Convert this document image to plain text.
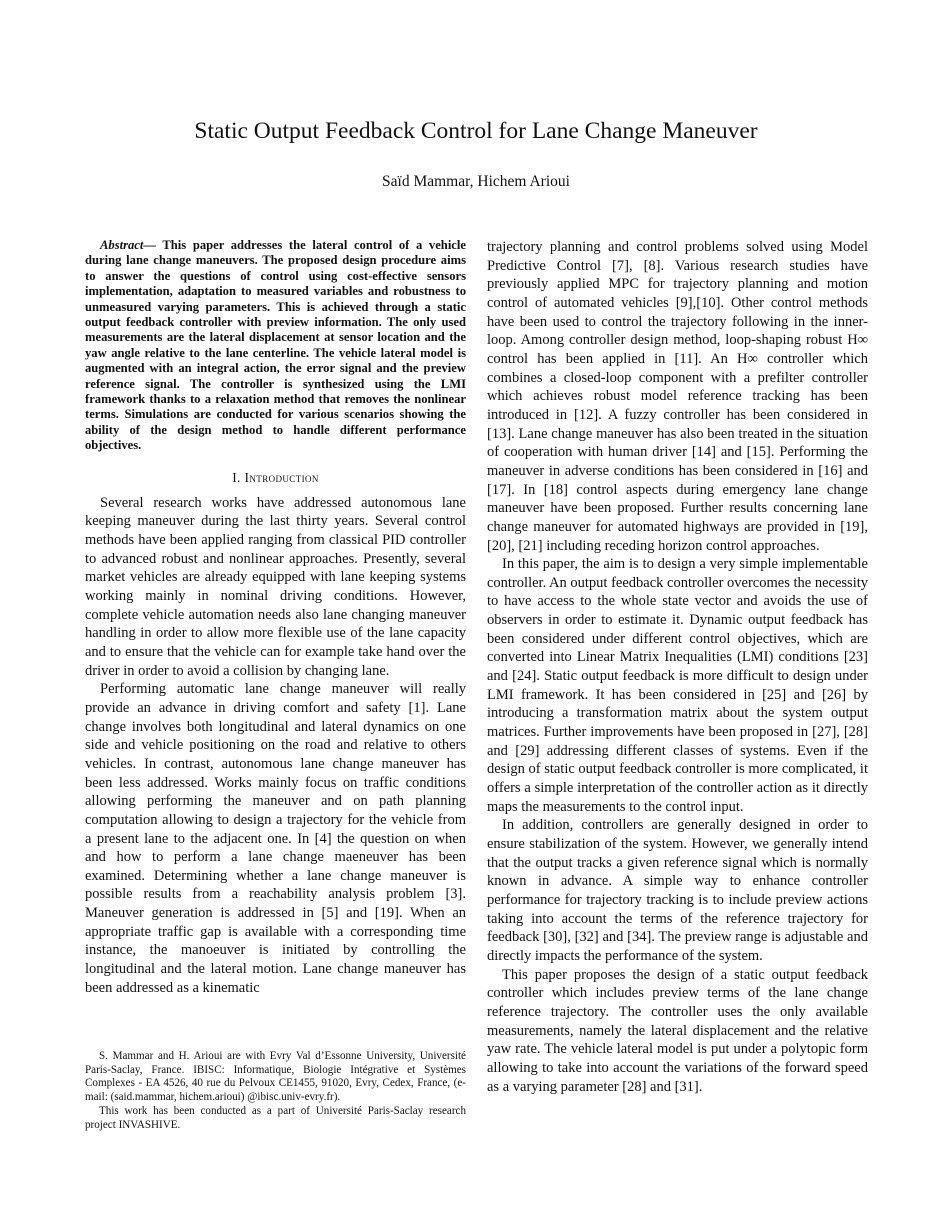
Static Output Feedback Control for Lane Change Maneuver
Saïd Mammar, Hichem Arioui

Abstract— This paper addresses the lateral control of a vehicle during lane change maneuvers. The proposed design procedure aims to answer the questions of control using cost-effective sensors implementation, adaptation to measured variables and robustness to unmeasured varying parameters. This is achieved through a static output feedback controller with preview information. The only used measurements are the lateral displacement at sensor location and the yaw angle relative to the lane centerline. The vehicle lateral model is augmented with an integral action, the error signal and the preview reference signal. The controller is synthesized using the LMI framework thanks to a relaxation method that removes the nonlinear terms. Simulations are conducted for various scenarios showing the ability of the design method to handle different performance objectives.

I. Introduction

Several research works have addressed autonomous lane keeping maneuver during the last thirty years. Several control methods have been applied ranging from classical PID controller to advanced robust and nonlinear approaches. Presently, several market vehicles are already equipped with lane keeping systems working mainly in nominal driving conditions. However, complete vehicle automation needs also lane changing maneuver handling in order to allow more flexible use of the lane capacity and to ensure that the vehicle can for example take hand over the driver in order to avoid a collision by changing lane.

Performing automatic lane change maneuver will really provide an advance in driving comfort and safety [1]. Lane change involves both longitudinal and lateral dynamics on one side and vehicle positioning on the road and relative to others vehicles. In contrast, autonomous lane change maneuver has been less addressed. Works mainly focus on traffic conditions allowing performing the maneuver and on path planning computation allowing to design a trajectory for the vehicle from a present lane to the adjacent one. In [4] the question on when and how to perform a lane change maeneuver has been examined. Determining whether a lane change maneuver is possible results from a reachability analysis problem [3]. Maneuver generation is addressed in [5] and [19]. When an appropriate traffic gap is available with a corresponding time instance, the manoeuver is initiated by controlling the longitudinal and the lateral motion. Lane change maneuver has been addressed as a kinematic

trajectory planning and control problems solved using Model Predictive Control [7], [8]. Various research studies have previously applied MPC for trajectory planning and motion control of automated vehicles [9],[10]. Other control methods have been used to control the trajectory following in the inner-loop. Among controller design method, loop-shaping robust H∞ control has been applied in [11]. An H∞ controller which combines a closed-loop component with a prefilter controller which achieves robust model reference tracking has been introduced in [12]. A fuzzy controller has been considered in [13]. Lane change maneuver has also been treated in the situation of cooperation with human driver [14] and [15]. Performing the maneuver in adverse conditions has been considered in [16] and [17]. In [18] control aspects during emergency lane change maneuver have been proposed. Further results concerning lane change maneuver for automated highways are provided in [19], [20], [21] including receding horizon control approaches.

In this paper, the aim is to design a very simple implementable controller. An output feedback controller overcomes the necessity to have access to the whole state vector and avoids the use of observers in order to estimate it. Dynamic output feedback has been considered under different control objectives, which are converted into Linear Matrix Inequalities (LMI) conditions [23] and [24]. Static output feedback is more difficult to design under LMI framework. It has been considered in [25] and [26] by introducing a transformation matrix about the system output matrices. Further improvements have been proposed in [27], [28] and [29] addressing different classes of systems. Even if the design of static output feedback controller is more complicated, it offers a simple interpretation of the controller action as it directly maps the measurements to the control input.

In addition, controllers are generally designed in order to ensure stabilization of the system. However, we generally intend that the output tracks a given reference signal which is normally known in advance. A simple way to enhance controller performance for trajectory tracking is to include preview actions taking into account the terms of the reference trajectory for feedback [30], [32] and [34]. The preview range is adjustable and directly impacts the performance of the system.

This paper proposes the design of a static output feedback controller which includes preview terms of the lane change reference trajectory. The controller uses the only available measurements, namely the lateral displacement and the relative yaw rate. The vehicle lateral model is put under a polytopic form allowing to take into account the variations of the forward speed as a varying parameter [28] and [31].

S. Mammar and H. Arioui are with Evry Val d’Essonne University, Université Paris-Saclay, France. IBISC: Informatique, Biologie Intégrative et Systèmes Complexes - EA 4526, 40 rue du Pelvoux CE1455, 91020, Evry, Cedex, France, (e-mail: (said.mammar, hichem.arioui) @ibisc.univ-evry.fr).

This work has been conducted as a part of Université Paris-Saclay research project INVASHIVE.
